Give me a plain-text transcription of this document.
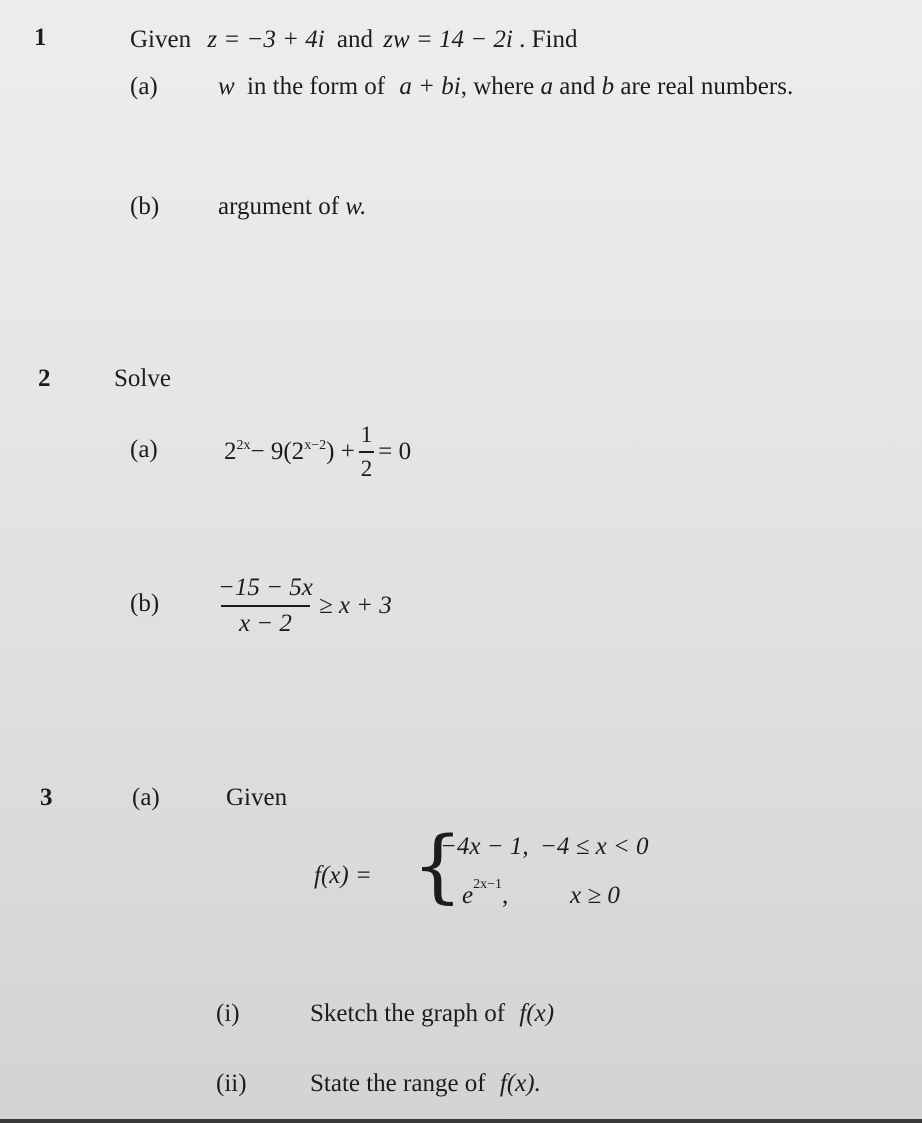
1	Given z = −3 + 4i and zw = 14 − 2i . Find
(a) w in the form of a + bi, where a and b are real numbers.
(b) argument of w.
2	Solve
(a)	$2^{2x} - 9(2^{x-2}$ ) + $\frac{1}{2} = 0$
$(b) \frac{-15 - 5x}{x - 2} \ge x + 3$
3	(a)	Given
f(x) = {
−4x − 1, −4 ≤ x < 0
$e^{2x-1}$, x ≥ 0
(i)	Sketch the graph of f(x)
(ii)	State the range of f(x).
